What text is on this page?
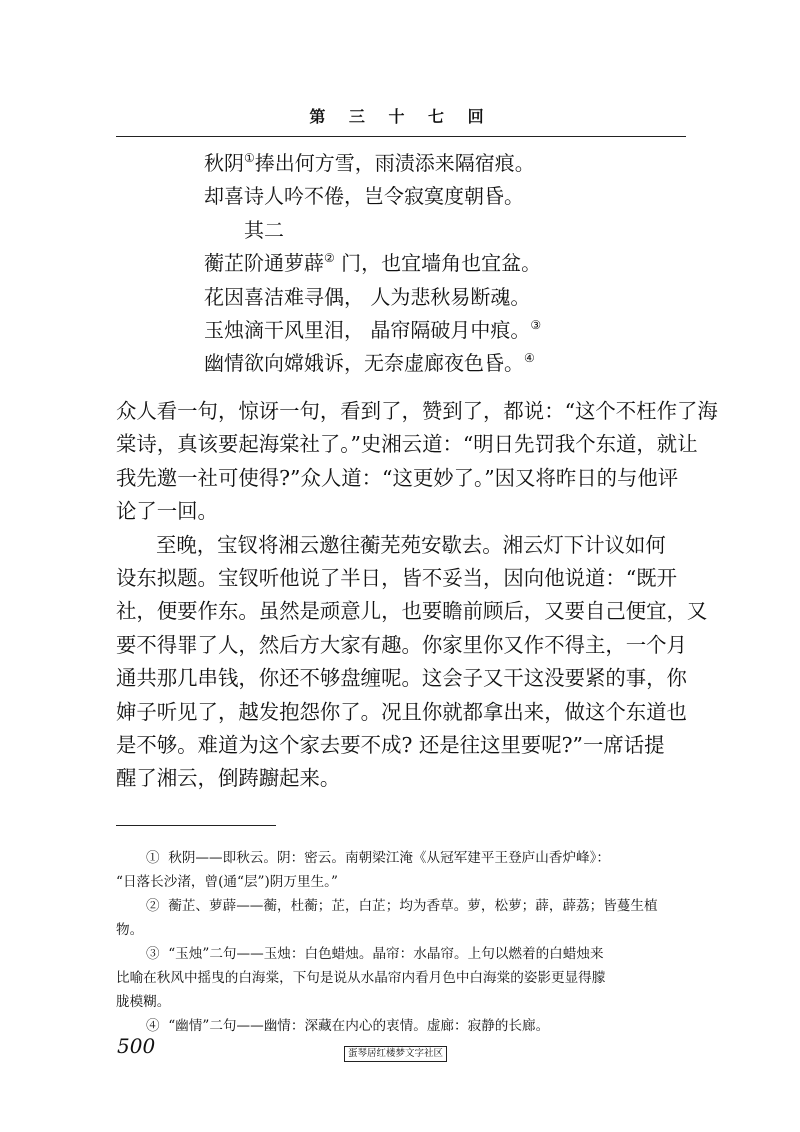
第 三 十 七 回
秋阴①捧出何方雪，雨渍添来隔宿痕。
却喜诗人吟不倦，岂令寂寞度朝昏。
其二
蘅芷阶通萝薜② 门，也宜墙角也宜盆。
花因喜洁难寻偶， 人为悲秋易断魂。
玉烛滴干风里泪， 晶帘隔破月中痕。③
幽情欲向嫦娥诉，无奈虚廊夜色昏。④
众人看一句，惊讶一句，看到了，赞到了，都说：“这个不枉作了海
棠诗，真该要起海棠社了。”史湘云道：“明日先罚我个东道，就让
我先邀一社可使得?”众人道：“这更妙了。”因又将昨日的与他评
论了一回。
至晚，宝钗将湘云邀往蘅芜苑安歇去。湘云灯下计议如何
设东拟题。宝钗听他说了半日，皆不妥当，因向他说道：“既开
社，便要作东。虽然是顽意儿，也要瞻前顾后，又要自己便宜，又
要不得罪了人，然后方大家有趣。你家里你又作不得主，一个月
通共那几串钱，你还不够盘缠呢。这会子又干这没要紧的事，你
婶子听见了，越发抱怨你了。况且你就都拿出来，做这个东道也
是不够。难道为这个家去要不成? 还是往这里要呢?”一席话提
醒了湘云，倒踌躕起来。
①  秋阴——即秋云。阴：密云。南朝梁江淹《从冠军建平王登庐山香炉峰》：
“日落长沙渚，曾(通“层”)阴万里生。”
②  蘅芷、萝薜——蘅，杜蘅；芷，白芷；均为香草。萝，松萝；薜，薜荔；皆蔓生植
物。
③  “玉烛”二句——玉烛：白色蜡烛。晶帘：水晶帘。上句以燃着的白蜡烛来
比喻在秋风中摇曳的白海棠，下句是说从水晶帘内看月色中白海棠的姿影更显得朦
胧模糊。
④  “幽情”二句——幽情：深藏在内心的衷情。虚廊：寂静的长廊。
500	蛋琴居红楼梦文字社区
